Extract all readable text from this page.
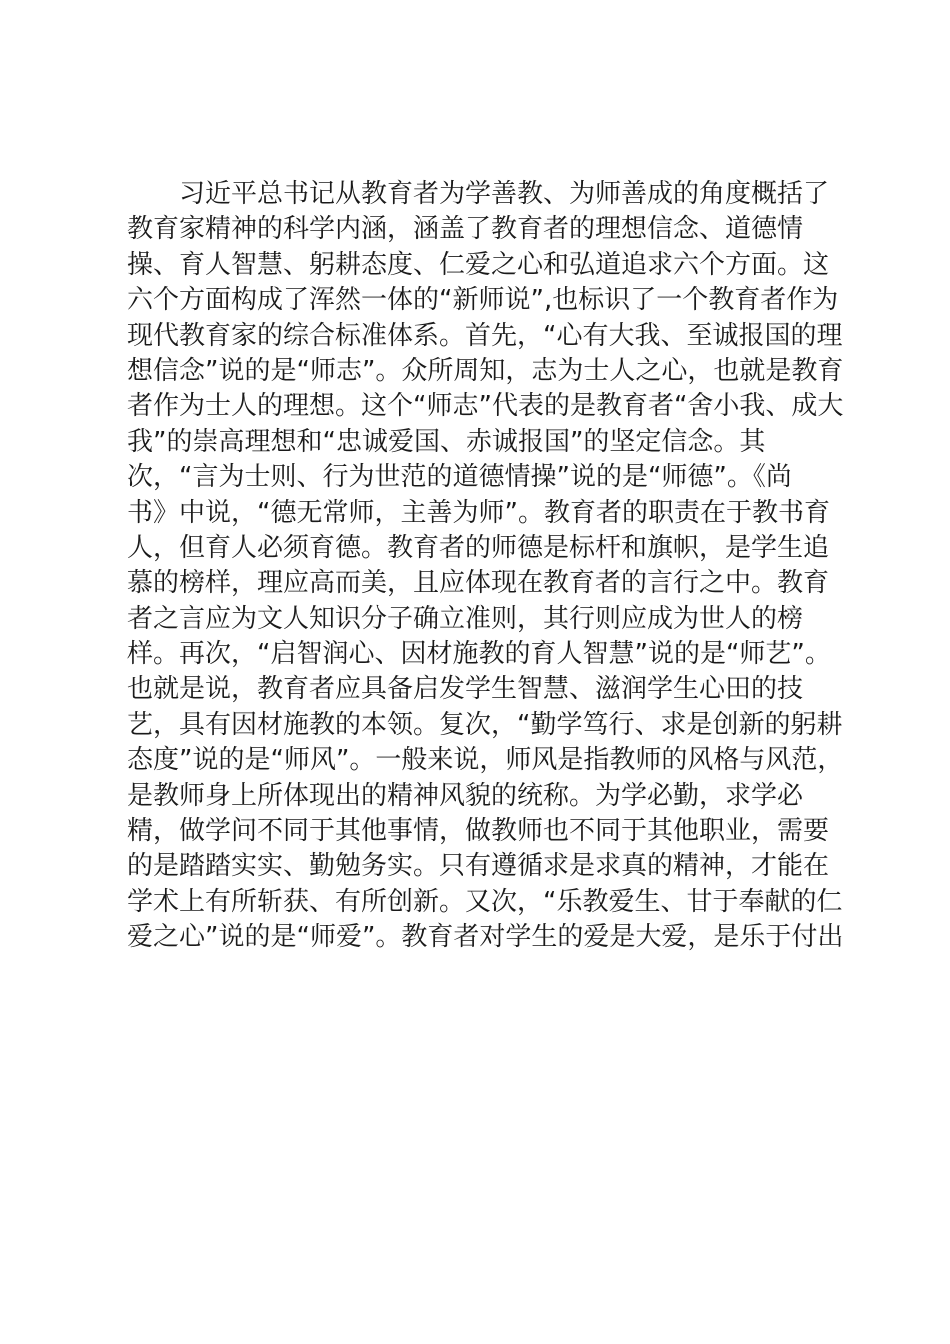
习近平总书记从教育者为学善教、为师善成的角度概括了
教育家精神的科学内涵，涵盖了教育者的理想信念、道德情
操、育人智慧、躬耕态度、仁爱之心和弘道追求六个方面。这
六个方面构成了浑然一体的“新师说”,也标识了一个教育者作为
现代教育家的综合标准体系。首先，“心有大我、至诚报国的理
想信念”说的是“师志”。众所周知，志为士人之心，也就是教育
者作为士人的理想。这个“师志”代表的是教育者“舍小我、成大
我”的崇高理想和“忠诚爱国、赤诚报国”的坚定信念。其
次，“言为士则、行为世范的道德情操”说的是“师德”。《尚
书》中说，“德无常师，主善为师”。教育者的职责在于教书育
人，但育人必须育德。教育者的师德是标杆和旗帜，是学生追
慕的榜样，理应高而美，且应体现在教育者的言行之中。教育
者之言应为文人知识分子确立准则，其行则应成为世人的榜
样。再次，“启智润心、因材施教的育人智慧”说的是“师艺”。
也就是说，教育者应具备启发学生智慧、滋润学生心田的技
艺，具有因材施教的本领。复次，“勤学笃行、求是创新的躬耕
态度”说的是“师风”。一般来说，师风是指教师的风格与风范，
是教师身上所体现出的精神风貌的统称。为学必勤，求学必
精，做学问不同于其他事情，做教师也不同于其他职业，需要
的是踏踏实实、勤勉务实。只有遵循求是求真的精神，才能在
学术上有所斩获、有所创新。又次，“乐教爱生、甘于奉献的仁
爱之心”说的是“师爱”。教育者对学生的爱是大爱，是乐于付出
